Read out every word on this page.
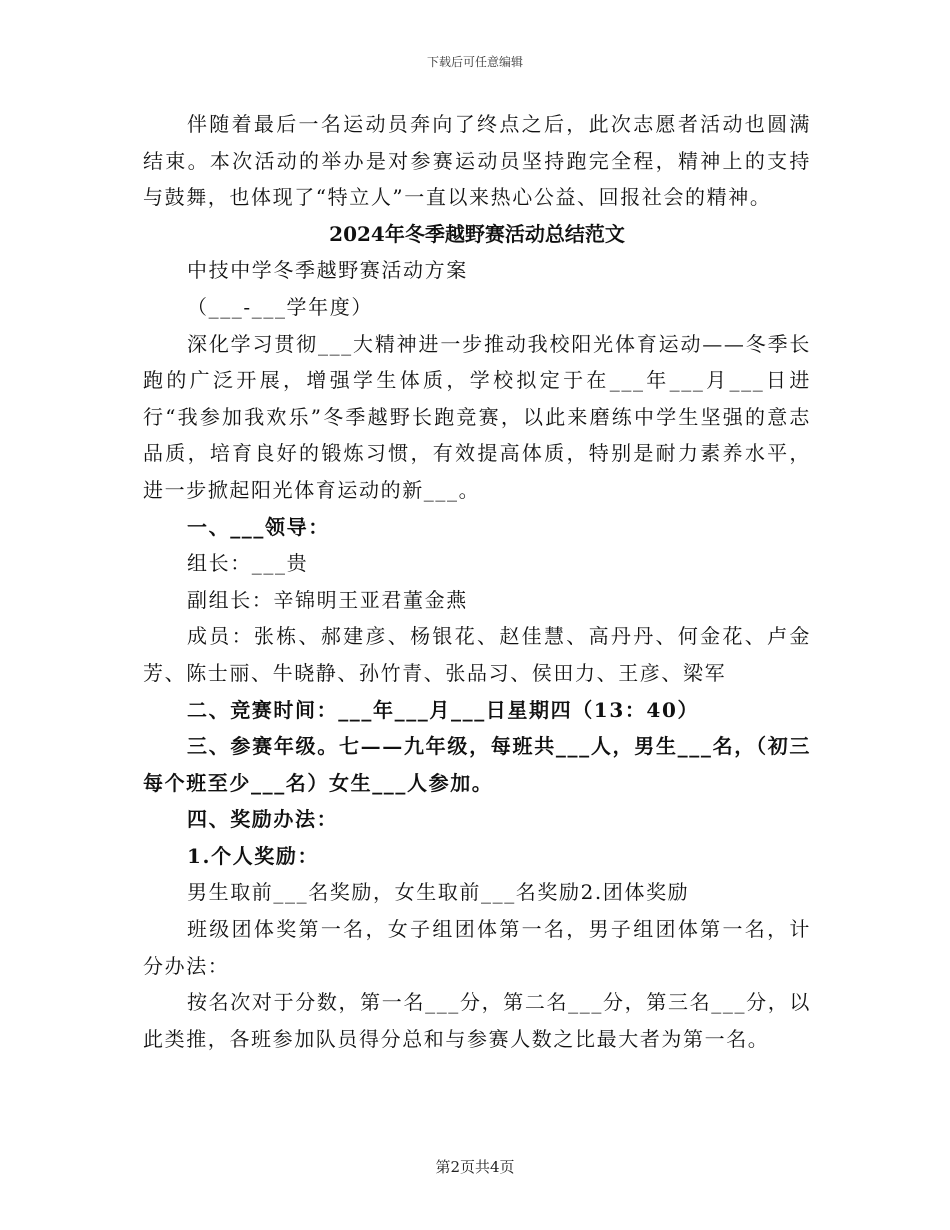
下载后可任意编辑

伴随着最后一名运动员奔向了终点之后，此次志愿者活动也圆满结束。本次活动的举办是对参赛运动员坚持跑完全程，精神上的支持与鼓舞，也体现了“特立人”一直以来热心公益、回报社会的精神。

2024年冬季越野赛活动总结范文

中技中学冬季越野赛活动方案

（___-___学年度）

深化学习贯彻___大精神进一步推动我校阳光体育运动——冬季长跑的广泛开展，增强学生体质，学校拟定于在___年___月___日进行“我参加我欢乐”冬季越野长跑竞赛，以此来磨练中学生坚强的意志品质，培育良好的锻炼习惯，有效提高体质，特别是耐力素养水平，进一步掀起阳光体育运动的新___。

一、___领导：

组长：___贵

副组长：辛锦明王亚君董金燕

成员：张栋、郝建彦、杨银花、赵佳慧、高丹丹、何金花、卢金芳、陈士丽、牛晓静、孙竹青、张品习、侯田力、王彦、梁军

二、竞赛时间：___年___月___日星期四（13：40）

三、参赛年级。七——九年级，每班共___人，男生___名，（初三每个班至少___名）女生___人参加。

四、奖励办法：

1.个人奖励：

男生取前___名奖励，女生取前___名奖励2.团体奖励

班级团体奖第一名，女子组团体第一名，男子组团体第一名，计分办法：

按名次对于分数，第一名___分，第二名___分，第三名___分，以此类推，各班参加队员得分总和与参赛人数之比最大者为第一名。

第2页共4页
